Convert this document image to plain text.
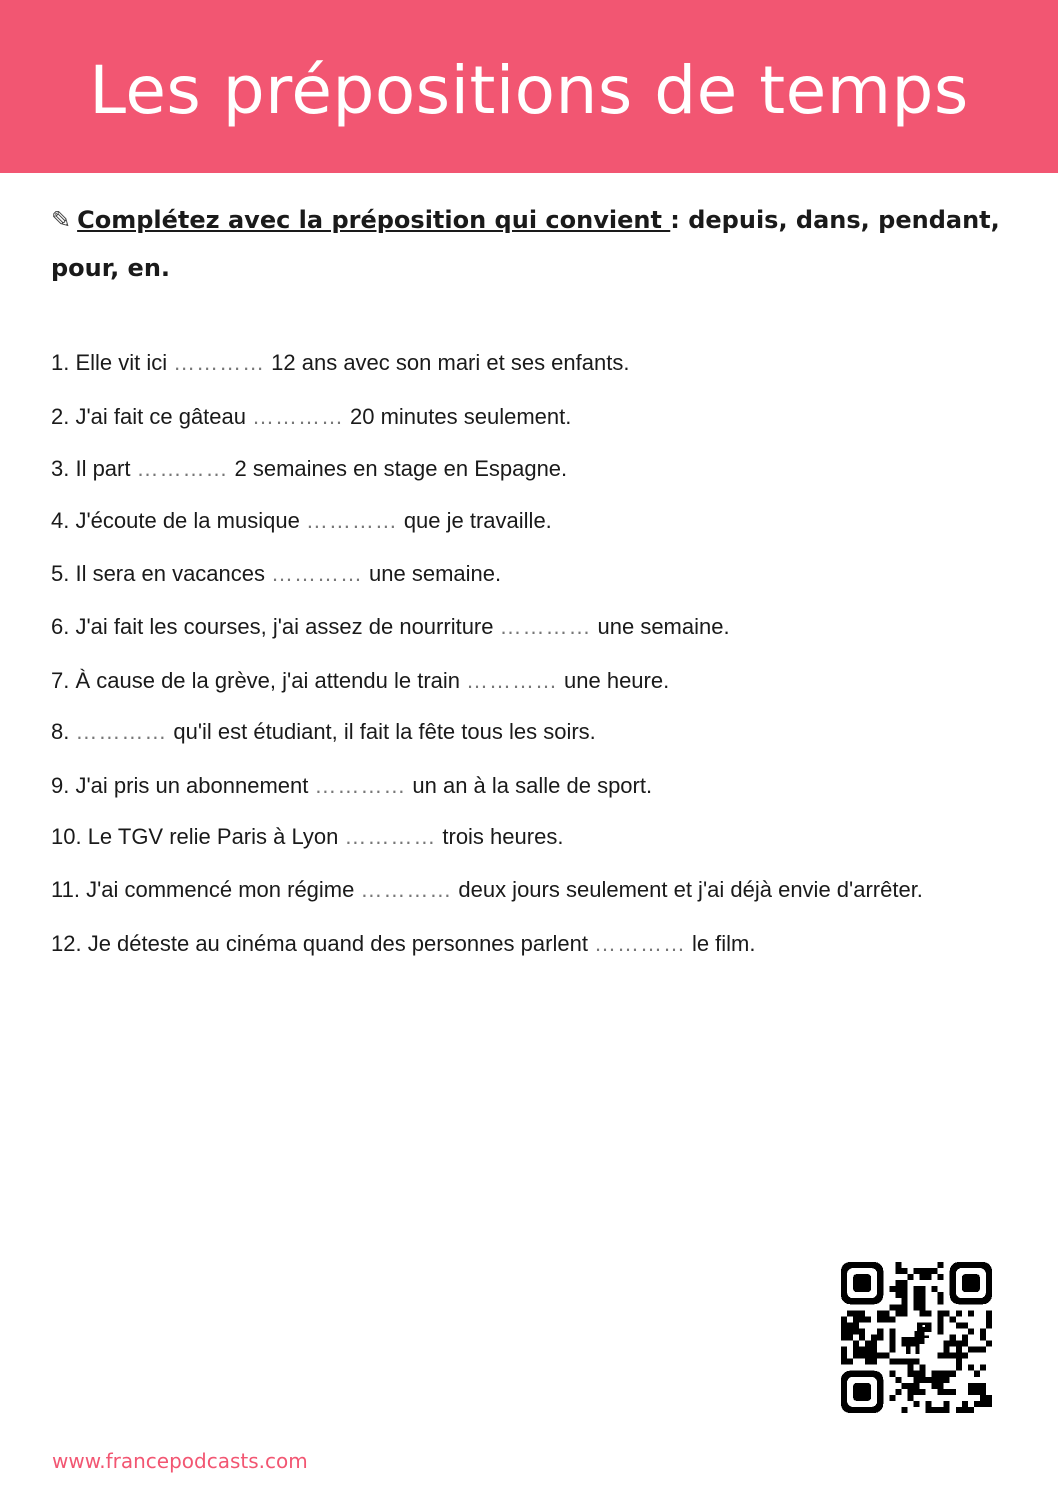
Les prépositions de temps
✎ Complétez avec la préposition qui convient : depuis, dans, pendant, pour, en.
1. Elle vit ici ………… 12 ans avec son mari et ses enfants.
2. J'ai fait ce gâteau ………… 20 minutes seulement.
3. Il part ………… 2 semaines en stage en Espagne.
4. J'écoute de la musique ………… que je travaille.
5. Il sera en vacances ………… une semaine.
6. J'ai fait les courses, j'ai assez de nourriture ………… une semaine.
7. À cause de la grève, j'ai attendu le train ………… une heure.
8. ………… qu'il est étudiant, il fait la fête tous les soirs.
9. J'ai pris un abonnement ………… un an à la salle de sport.
10. Le TGV relie Paris à Lyon ………… trois heures.
11. J'ai commencé mon régime ………… deux jours seulement et j'ai déjà envie d'arrêter.
12. Je déteste au cinéma quand des personnes parlent ………… le film.
www.francepodcasts.com
